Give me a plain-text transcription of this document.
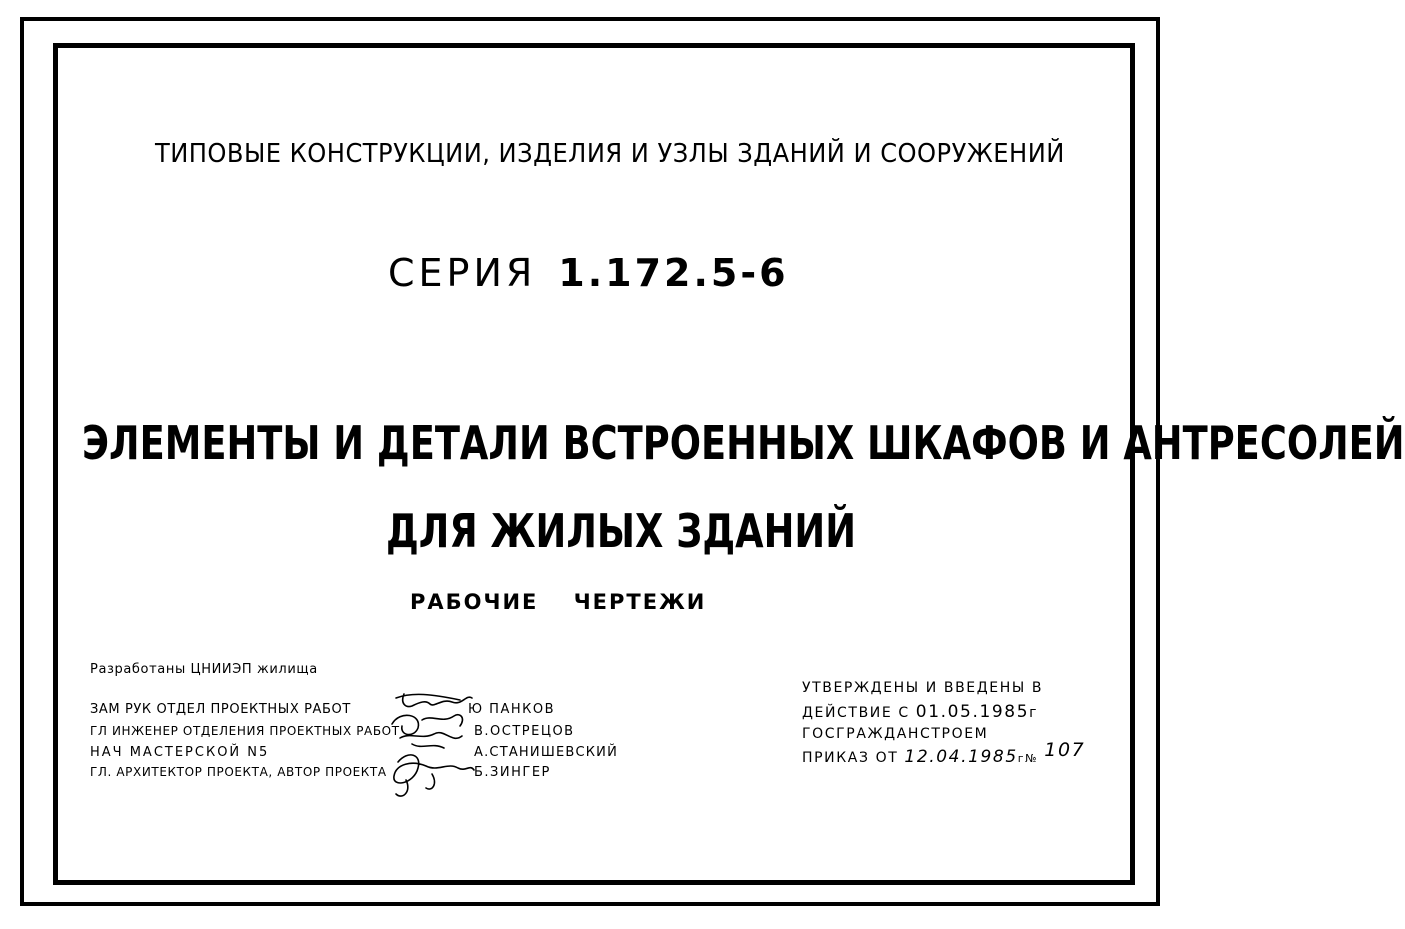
ТИПОВЫЕ КОНСТРУКЦИИ, ИЗДЕЛИЯ И УЗЛЫ ЗДАНИЙ И СООРУЖЕНИЙ
СЕРИЯ 1.172.5-6
ЭЛЕМЕНТЫ И ДЕТАЛИ ВСТРОЕННЫХ ШКАФОВ И АНТРЕСОЛЕЙ
ДЛЯ ЖИЛЫХ ЗДАНИЙ
РАБОЧИЕ ЧЕРТЕЖИ
Разработаны ЦНИИЭП жилища
ЗАМ РУК ОТДЕЛ ПРОЕКТНЫХ РАБОТ
ГЛ ИНЖЕНЕР ОТДЕЛЕНИЯ ПРОЕКТНЫХ РАБОТ
НАЧ МАСТЕРСКОЙ N5
ГЛ. АРХИТЕКТОР ПРОЕКТА, АВТОР ПРОЕКТА
Ю ПАНКОВ
В.ОСТРЕЦОВ
А.СТАНИШЕВСКИЙ
Б.ЗИНГЕР
УТВЕРЖДЕНЫ И ВВЕДЕНЫ В
ДЕЙСТВИЕ С 01.05.1985г
ГОСГРАЖДАНСТРОЕМ
ПРИКАЗ ОТ 12.04.1985г№ 107
